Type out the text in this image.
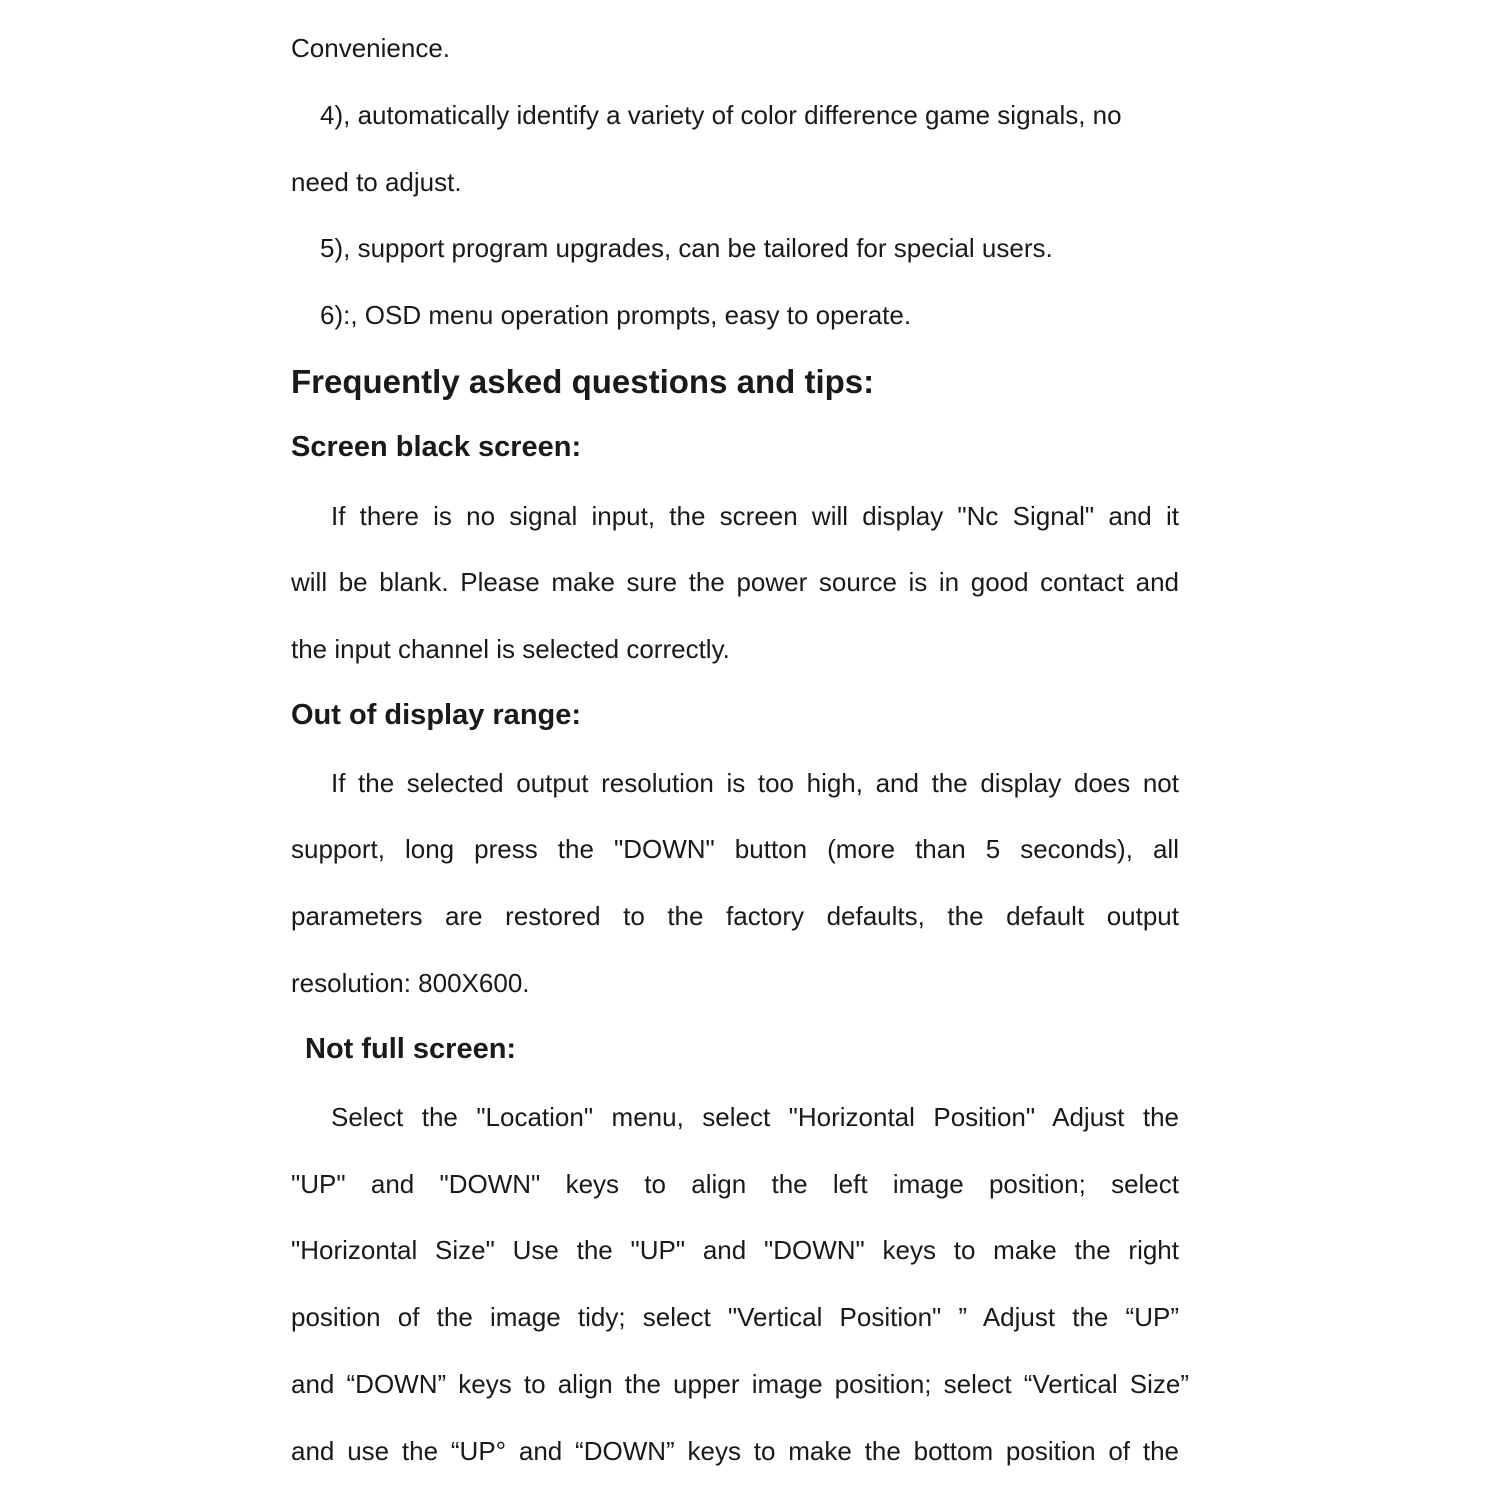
Convenience.
4), automatically identify a variety of color difference game signals, no
need to adjust.
5), support program upgrades, can be tailored for special users.
6):, OSD menu operation prompts, easy to operate.
Frequently asked questions and tips:
Screen black screen:
If there is no signal input, the screen will display "Nc Signal" and it
will be blank. Please make sure the power source is in good contact and
the input channel is selected correctly.
Out of display range:
If the selected output resolution is too high, and the display does not
support, long press the "DOWN" button (more than 5 seconds), all
parameters are restored to the factory defaults, the default output
resolution: 800X600.
Not full screen:
Select the "Location" menu, select "Horizontal Position" Adjust the
"UP" and "DOWN" keys to align the left image position; select
"Horizontal Size" Use the "UP" and "DOWN" keys to make the right
position of the image tidy; select "Vertical Position" ” Adjust the “UP”
and “DOWN” keys to align the upper image position; select “Vertical Size”
and use the “UP° and “DOWN” keys to make the bottom position of the
